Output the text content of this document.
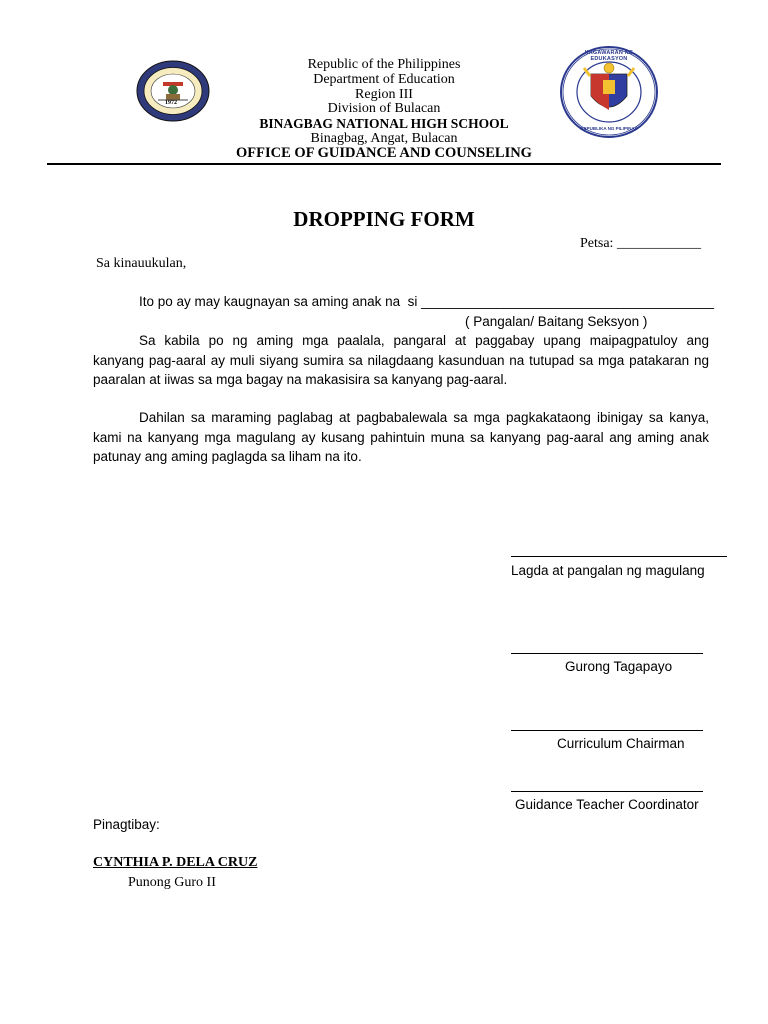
1972
KAGAWARAN NG EDUKASYON
REPUBLIKA NG PILIPINAS
Republic of the Philippines
Department of Education
Region III
Division of Bulacan
BINAGBAG NATIONAL HIGH SCHOOL
Binagbag, Angat, Bulacan
OFFICE OF GUIDANCE AND COUNSELING
DROPPING FORM
Petsa: ____________
Sa kinauukulan,
Ito po ay may kaugnayan sa aming anak na  si _______________________________________
( Pangalan/ Baitang Seksyon )
Sa kabila po ng aming mga paalala, pangaral at paggabay upang maipagpatuloy ang
kanyang pag-aaral ay muli siyang sumira sa nilagdaang kasunduan na tutupad sa mga patakaran ng
paaralan at iiwas sa mga bagay na makasisira sa kanyang pag-aaral.
Dahilan sa maraming paglabag at pagbabalewala sa mga pagkakataong ibinigay sa kanya,
kami na kanyang mga magulang ay kusang pahintuin muna sa kanyang pag-aaral ang aming anak
patunay ang aming paglagda sa liham na ito.
Lagda at pangalan ng magulang
Gurong Tagapayo
Curriculum Chairman
Guidance Teacher Coordinator
Pinagtibay:
CYNTHIA P. DELA CRUZ
Punong Guro II
